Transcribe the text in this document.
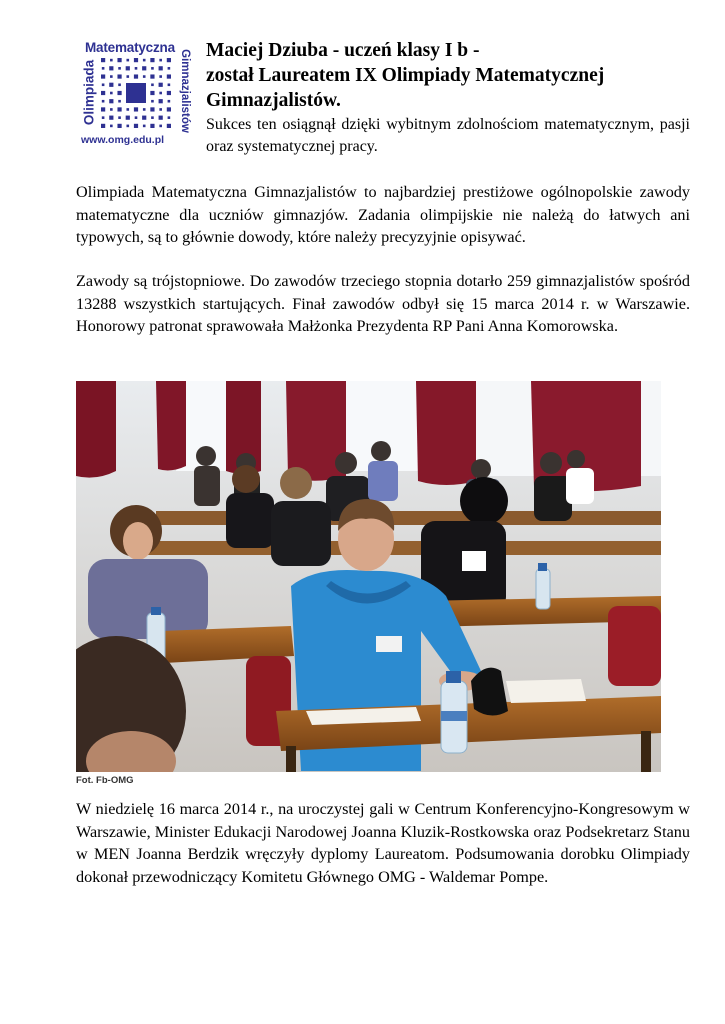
Matematyczna
Olimpiada	Gimnazjalistów
www.omg.edu.pl
Maciej Dziuba - uczeń klasy I b -
został Laureatem IX Olimpiady Matematycznej
Gimnazjalistów.
Sukces ten osiągnął dzięki wybitnym zdolnościom matematycznym, pasji oraz systematycznej pracy.
Olimpiada Matematyczna Gimnazjalistów to najbardziej prestiżowe ogólnopolskie zawody matematyczne dla uczniów gimnazjów. Zadania olimpijskie nie należą do łatwych ani typowych, są to głównie dowody, które należy precyzyjnie opisywać.
Zawody są trójstopniowe. Do zawodów trzeciego stopnia dotarło 259 gimnazjalistów spośród 13288 wszystkich startujących. Finał zawodów odbył się 15 marca 2014 r. w Warszawie. Honorowy patronat sprawowała Małżonka Prezydenta RP Pani Anna Komorowska.
Fot. Fb-OMG
W niedzielę 16 marca 2014 r., na uroczystej gali w Centrum Konferencyjno-Kongresowym w Warszawie, Minister Edukacji Narodowej Joanna Kluzik-Rostkowska oraz Podsekretarz Stanu w MEN Joanna Berdzik wręczyły dyplomy Laureatom. Podsumowania dorobku Olimpiady dokonał przewodniczący Komitetu Głównego OMG - Waldemar Pompe.
